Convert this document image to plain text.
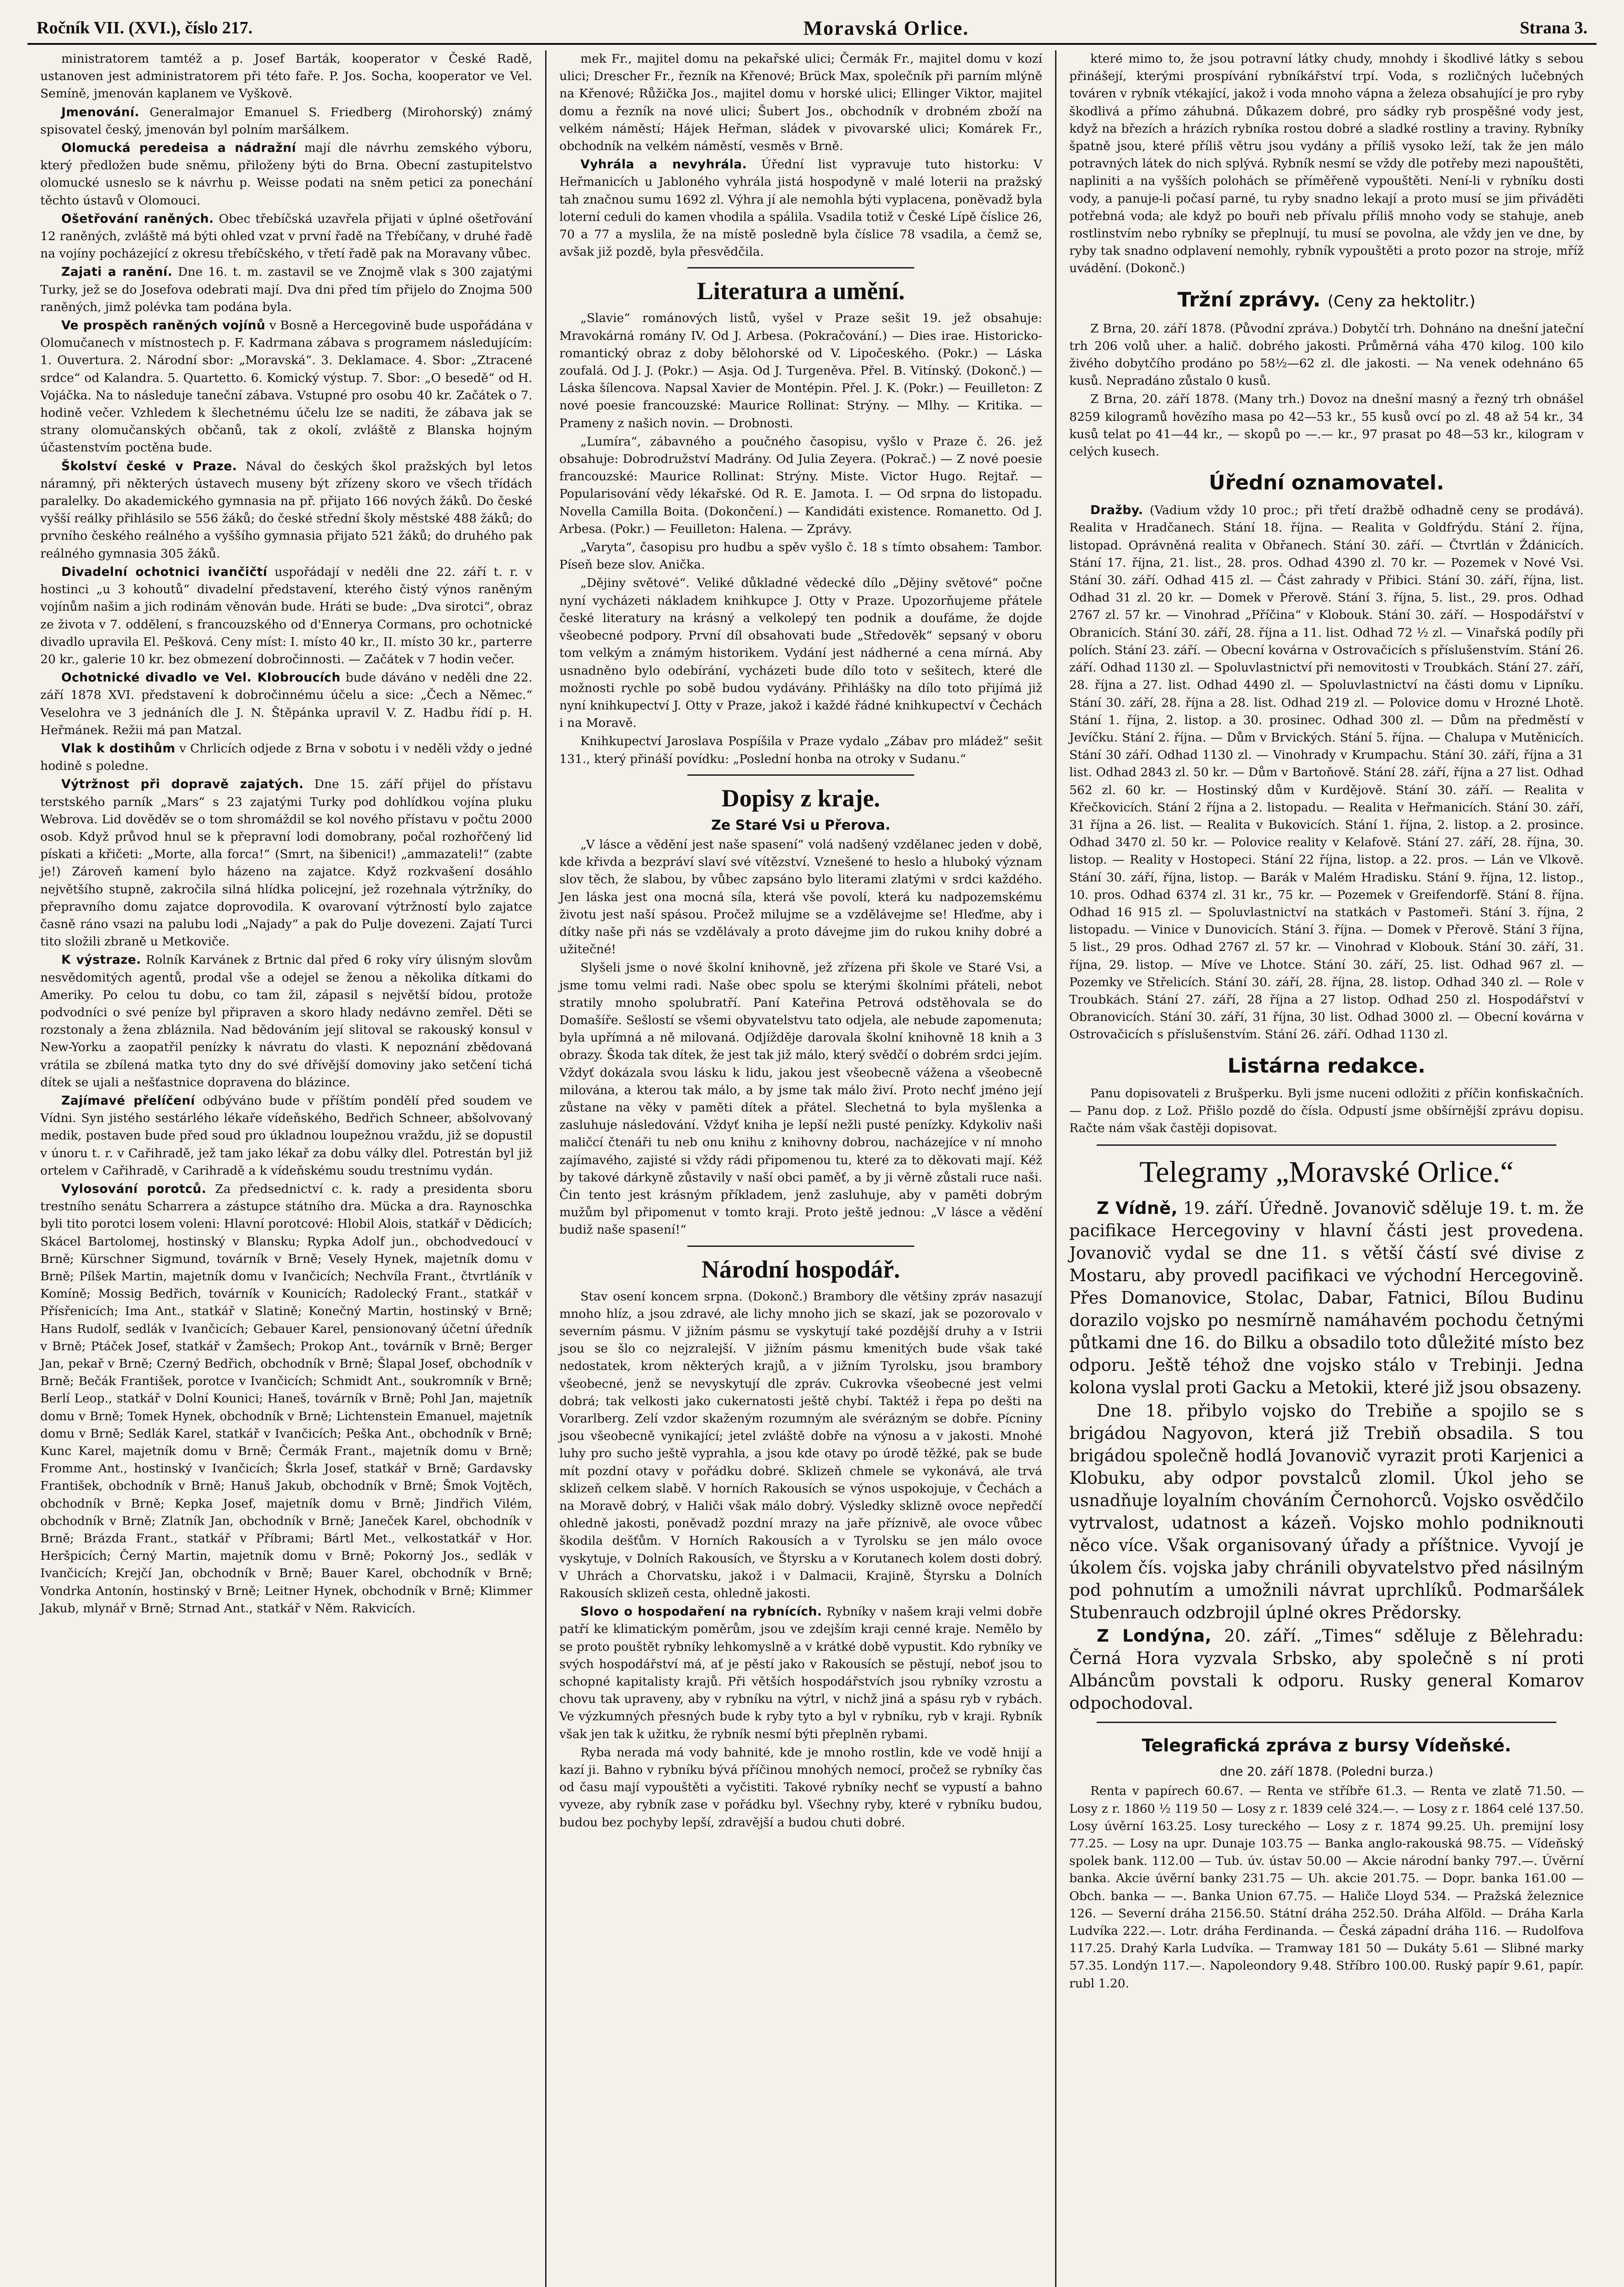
Ročník VII. (XVI.), číslo 217.	Moravská Orlice.	Strana 3.

ministratorem tamtéž a p. Josef Barták, kooperator v České Radě, ustanoven jest administratorem při této faře. P. Jos. Socha, kooperator ve Vel. Semíně, jmenován kaplanem ve Vyškově.

Jmenování. Generalmajor Emanuel S. Friedberg (Mirohorský) známý spisovatel český, jmenován byl polním maršálkem.

Olomucká peredeisa a nádražní mají dle návrhu zemského výboru, který předložen bude sněmu, přiloženy býti do Brna. Obecní zastupitelstvo olomucké usneslo se k návrhu p. Weisse podati na sněm petici za ponechání těchto ústavů v Olomouci.

Ošetřování raněných. Obec třebíčská uzavřela přijati v úplné ošetřování 12 raněných, zvláště má býti ohled vzat v první řadě na Třebíčany, v druhé řadě na vojíny pocházející z okresu třebíčského, v třetí řadě pak na Moravany vůbec.

Zajati a ranění. Dne 16. t. m. zastavil se ve Znojmě vlak s 300 zajatými Turky, jež se do Josefova odebrati mají. Dva dni před tím přijelo do Znojma 500 raněných, jimž polévka tam podána byla.

Ve prospěch raněných vojínů v Bosně a Hercegovině bude uspořádána v Olomučanech v místnostech p. F. Kadrmana zábava s programem následujícím: 1. Ouvertura. 2. Národní sbor: „Moravská“. 3. Deklamace. 4. Sbor: „Ztracené srdce“ od Kalandra. 5. Quartetto. 6. Komický výstup. 7. Sbor: „O besedě“ od H. Vojáčka. Na to následuje taneční zábava. Vstupné pro osobu 40 kr. Začátek o 7. hodině večer. Vzhledem k šlechetnému účelu lze se naditi, že zábava jak se strany olomučanských občanů, tak z okolí, zvláště z Blanska hojným účastenstvím poctěna bude.

Školství české v Praze. Nával do českých škol pražských byl letos náramný, při některých ústavech museny být zřízeny skoro ve všech třídách paralelky. Do akademického gymnasia na př. přijato 166 nových žáků. Do české vyšší reálky přihlásilo se 556 žáků; do české střední školy městské 488 žáků; do prvního českého reálného a vyššího gymnasia přijato 521 žáků; do druhého pak reálného gymnasia 305 žáků.

Divadelní ochotnici ivančičtí uspořádají v neděli dne 22. září t. r. v hostinci „u 3 kohoutů“ divadelní představení, kterého čistý výnos raněným vojínům našim a jich rodinám věnován bude. Hráti se bude: „Dva sirotci“, obraz ze života v 7. oddělení, s francouzského od d'Ennerya Cormans, pro ochotnické divadlo upravila El. Pešková. Ceny míst: I. místo 40 kr., II. místo 30 kr., parterre 20 kr., galerie 10 kr. bez obmezení dobročinnosti. — Začátek v 7 hodin večer.

Ochotnické divadlo ve Vel. Klobroucích bude dáváno v neděli dne 22. září 1878 XVI. představení k dobročinnému účelu a sice: „Čech a Němec.“ Veselohra ve 3 jednáních dle J. N. Štěpánka upravil V. Z. Hadbu řídí p. H. Heřmánek. Režii má pan Matzal.

Vlak k dostihům v Chrlicích odjede z Brna v sobotu i v neděli vždy o jedné hodině s poledne.

Výtržnost při dopravě zajatých. Dne 15. září přijel do přístavu terstského parník „Mars“ s 23 zajatými Turky pod dohlídkou vojína pluku Webrova. Lid dověděv se o tom shromáždil se kol nového přístavu v počtu 2000 osob. Když průvod hnul se k přepravní lodi domobrany, počal rozhořčený lid pískati a křičeti: „Morte, alla forca!“ (Smrt, na šibenici!) „ammazateli!“ (zabte je!) Zároveň kamení bylo házeno na zajatce. Když rozkvašení dosáhlo největšího stupně, zakročila silná hlídka policejní, jež rozehnala výtržníky, do přepravního domu zajatce doprovodila. K ovarovaní výtržností bylo zajatce časně ráno vsazi na palubu lodi „Najady“ a pak do Pulje dovezeni. Zajatí Turci tito složili zbraně u Metkoviče.

K výstraze. Rolník Karvánek z Brtnic dal před 6 roky víry úlisným slovům nesvědomitých agentů, prodal vše a odejel se ženou a několika dítkami do Ameriky. Po celou tu dobu, co tam žil, zápasil s největší bídou, protože podvodníci o své peníze byl připraven a skoro hlady nedávno zemřel. Děti se rozstonaly a žena zbláznila. Nad bědováním její slitoval se rakouský konsul v New-Yorku a zaopatřil penízky k návratu do vlasti. K nepoznání zbědovaná vrátila se zbílená matka tyto dny do své dřívější domoviny jako setčení tichá dítek se ujali a nešťastnice dopravena do blázince.

Zajímavé přelíčení odbýváno bude v příštím pondělí před soudem ve Vídni. Syn jistého sestárlého lékaře vídeňského, Bedřich Schneer, abšolvovaný medik, postaven bude před soud pro úkladnou loupežnou vraždu, již se dopustil v únoru t. r. v Cařihradě, jež tam jako lékař za dobu války dlel. Potrestán byl již ortelem v Cařihradě, v Carihradě a k vídeňskému soudu trestnímu vydán.

Vylosování porotců. Za předsednictví c. k. rady a presidenta sboru trestního senátu Scharrera a zástupce státního dra. Mücka a dra. Raynoschka byli tito porotci losem voleni: Hlavní porotcové: Hlobil Alois, statkář v Dědicích; Skácel Bartolomej, hostinský v Blansku; Rypka Adolf jun., obchodvedoucí v Brně; Kürschner Sigmund, továrník v Brně; Vesely Hynek, majetník domu v Brně; Pílšek Martin, majetník domu v Ivančicích; Nechvíla Frant., čtvrtláník v Komíně; Mossig Bedřich, továrník v Kounicích; Radolecký Frant., statkář v Přísřenicích; Ima Ant., statkář v Slatině; Konečný Martin, hostinský v Brně; Hans Rudolf, sedlák v Ivančicích; Gebauer Karel, pensionovaný účetní úředník v Brně; Ptáček Josef, statkář v Žamšech; Prokop Ant., továrník v Brně; Berger Jan, pekař v Brně; Czerný Bedřich, obchodník v Brně; Šlapal Josef, obchodník v Brně; Bečák František, porotce v Ivančicích; Schmidt Ant., soukromník v Brně; Berlí Leop., statkář v Dolní Kounici; Haneš, továrník v Brně; Pohl Jan, majetník domu v Brně; Tomek Hynek, obchodník v Brně; Lichtenstein Emanuel, majetník domu v Brně; Sedlák Karel, statkář v Ivančicích; Peška Ant., obchodník v Brně; Kunc Karel, majetník domu v Brně; Čermák Frant., majetník domu v Brně; Fromme Ant., hostinský v Ivančicích; Škrla Josef, statkář v Brně; Gardavsky František, obchodník v Brně; Hanuš Jakub, obchodník v Brně; Šmok Vojtěch, obchodník v Brně; Kepka Josef, majetník domu v Brně; Jindřich Vilém, obchodník v Brně; Zlatník Jan, obchodník v Brně; Janeček Karel, obchodník v Brně; Brázda Frant., statkář v Příbrami; Bártl Met., velkostatkář v Hor. Heršpicích; Černý Martin, majetník domu v Brně; Pokorný Jos., sedlák v Ivančicích; Krejčí Jan, obchodník v Brně; Bauer Karel, obchodník v Brně; Vondrka Antonín, hostinský v Brně; Leitner Hynek, obchodník v Brně; Klimmer Jakub, mlynář v Brně; Strnad Ant., statkář v Něm. Rakvicích.

mek Fr., majitel domu na pekařské ulici; Čermák Fr., majitel domu v kozí ulici; Drescher Fr., řezník na Křenové; Brück Max, společník při parním mlýně na Křenové; Růžička Jos., majitel domu v horské ulici; Ellinger Viktor, majitel domu a řezník na nové ulici; Šubert Jos., obchodník v drobném zboží na velkém náměstí; Hájek Heřman, sládek v pivovarské ulici; Komárek Fr., obchodník na velkém náměstí, vesměs v Brně.

Vyhrála a nevyhrála. Úřední list vypravuje tuto historku: V Heřmanicích u Jabloného vyhrála jistá hospodyně v malé loterii na pražský tah značnou sumu 1692 zl. Výhra jí ale nemohla býti vyplacena, poněvadž byla loterní ceduli do kamen vhodila a spálila. Vsadila totiž v České Lípě číslice 26, 70 a 77 a myslila, že na místě posledně byla číslice 78 vsadila, a čemž se, avšak již pozdě, byla přesvědčila.

Literatura a umění.

„Slavie“ románových listů, vyšel v Praze sešit 19. jež obsahuje: Mravokárná romány IV. Od J. Arbesa. (Pokračování.) — Dies irae. Historicko-romantický obraz z doby bělohorské od V. Lipočeského. (Pokr.) — Láska zoufalá. Od J. J. (Pokr.) — Asja. Od J. Turgeněva. Přel. B. Vitínský. (Dokonč.) — Láska šílencova. Napsal Xavier de Montépin. Přel. J. K. (Pokr.) — Feuilleton: Z nové poesie francouzské: Maurice Rollinat: Strýny. — Mlhy. — Kritika. — Prameny z našich novin. — Drobnosti.

„Lumíra“, zábavného a poučného časopisu, vyšlo v Praze č. 26. jež obsahuje: Dobrodružství Madrány. Od Julia Zeyera. (Pokrač.) — Z nové poesie francouzské: Maurice Rollinat: Strýny. Miste. Victor Hugo. Rejtař. — Popularisování vědy lékařské. Od R. E. Jamota. I. — Od srpna do listopadu. Novella Camilla Boita. (Dokončení.) — Kandidáti existence. Romanetto. Od J. Arbesa. (Pokr.) — Feuilleton: Halena. — Zprávy.

„Varyta“, časopisu pro hudbu a spěv vyšlo č. 18 s tímto obsahem: Tambor. Píseň beze slov. Anička.

„Dějiny světové“. Veliké důkladné vědecké dílo „Dějiny světové“ počne nyní vycházeti nákladem knihkupce J. Otty v Praze. Upozorňujeme přátele české literatury na krásný a velkolepý ten podnik a doufáme, že dojde všeobecné podpory. První díl obsahovati bude „Středověk“ sepsaný v oboru tom velkým a známým historikem. Vydání jest nádherné a cena mírná. Aby usnadněno bylo odebírání, vycházeti bude dílo toto v sešitech, které dle možnosti rychle po sobě budou vydávány. Přihlášky na dílo toto přijímá již nyní knihkupectví J. Otty v Praze, jakož i každé řádné knihkupectví v Čechách i na Moravě.

Knihkupectví Jaroslava Pospíšila v Praze vydalo „Zábav pro mládež“ sešit 131., který přináší povídku: „Poslední honba na otroky v Sudanu.“

Dopisy z kraje.
Ze Staré Vsi u Přerova.

„V lásce a vědění jest naše spasení“ volá nadšený vzdělanec jeden v době, kde křivda a bezpráví slaví své vítězství. Vznešené to heslo a hluboký význam slov těch, že slabou, by vůbec zapsáno bylo literami zlatými v srdci každého. Jen láska jest ona mocná síla, která vše povolí, která ku nadpozemskému životu jest naší spásou. Pročež milujme se a vzdělávejme se! Hleďme, aby i dítky naše při nás se vzdělávaly a proto dávejme jim do rukou knihy dobré a užitečné!

Slyšeli jsme o nové školní knihovně, jež zřízena při škole ve Staré Vsi, a jsme tomu velmi radi. Naše obec spolu se kterými školními přáteli, nebot stratily mnoho spolubratří. Paní Kateřina Petrová odstěhovala se do Domašíře. Sešlostí se všemi obyvatelstvu tato odjela, ale nebude zapomenuta; byla upřímná a ně milovaná. Odjížděje darovala školní knihovně 18 knih a 3 obrazy. Škoda tak dítek, že jest tak již málo, který svědčí o dobrém srdci jejím. Vždyť dokázala svou lásku k lidu, jakou jest všeobecně vážena a všeobecně milována, a kterou tak málo, a by jsme tak málo živí. Proto nechť jméno její zůstane na věky v paměti dítek a přátel. Slechetná to byla myšlenka a zasluhuje následování. Vždyť kniha je lepší nežli pusté penízky. Kdykoliv naši maličcí čtenáři tu neb onu knihu z knihovny dobrou, nacházejíce v ní mnoho zajímavého, zajisté si vždy rádi připomenou tu, které za to děkovati mají. Kéž by takové dárkyně zůstavily v naší obci paměť, a by ji věrně zůstali ruce naši. Čin tento jest krásným příkladem, jenž zasluhuje, aby v paměti dobrým mužům byl připomenut v tomto kraji. Proto ještě jednou: „V lásce a vědění budiž naše spasení!“

Národní hospodář.

Stav osení koncem srpna. (Dokonč.) Brambory dle většiny zpráv nasazují mnoho hlíz, a jsou zdravé, ale lichy mnoho jich se skazí, jak se pozorovalo v severním pásmu. V jižním pásmu se vyskytují také pozdější druhy a v Istrii jsou se šlo co nejzralejší. V jižním pásmu kmenitých bude však také nedostatek, krom některých krajů, a v jižním Tyrolsku, jsou brambory všeobecné, jenž se nevyskytují dle zpráv. Cukrovka všeobecné jest velmi dobrá; tak velkosti jako cukernatosti ještě chybí. Taktéž i řepa po dešti na Vorarlberg. Zelí vzdor skaženým rozumným ale svérázným se dobře. Pícniny jsou všeobecně vynikající; jetel zvláště dobře na výnosu a v jakosti. Mnohé luhy pro sucho ještě vyprahla, a jsou kde otavy po úrodě těžké, pak se bude mít pozdní otavy v pořádku dobré. Sklizeň chmele se vykonává, ale trvá sklizeň celkem slabě. V horních Rakousích se výnos uspokojuje, v Čechách a na Moravě dobrý, v Haliči však málo dobrý. Výsledky sklizně ovoce nepředčí ohledně jakosti, poněvadž pozdní mrazy na jaře příznivě, ale ovoce vůbec škodila dešťům. V Horních Rakousích a v Tyrolsku se jen málo ovoce vyskytuje, v Dolních Rakousích, ve Štyrsku a v Korutanech kolem dosti dobrý. V Uhrách a Chorvatsku, jakož i v Dalmacii, Krajině, Štyrsku a Dolních Rakousích sklizeň cesta, ohledně jakosti.

Slovo o hospodaření na rybnících. Rybníky v našem kraji velmi dobře patří ke klimatickým poměrům, jsou ve zdejším kraji cenné kraje. Nemělo by se proto pouštět rybníky lehkomyslně a v krátké době vypustit. Kdo rybníky ve svých hospodářství má, ať je pěstí jako v Rakousích se pěstují, neboť jsou to schopné kapitalisty krajů. Při větších hospodářstvích jsou rybníky vzrostu a chovu tak upraveny, aby v rybníku na výtrl, v nichž jiná a spásu ryb v rybách. Ve výzkumných přesných bude k ryby tyto a byl v rybníku, ryb v kraji. Rybník však jen tak k užitku, že rybník nesmí býti přeplněn rybami.

Ryba nerada má vody bahnité, kde je mnoho rostlin, kde ve vodě hnijí a kazí ji. Bahno v rybníku bývá příčinou mnohých nemocí, pročež se rybníky čas od času mají vypouštěti a vyčistiti. Takové rybníky nechť se vypustí a bahno vyveze, aby rybník zase v pořádku byl. Všechny ryby, které v rybníku budou, budou bez pochyby lepší, zdravější a budou chuti dobré.

které mimo to, že jsou potravní látky chudy, mnohdy i škodlivé látky s sebou přinášejí, kterými prospívání rybníkářství trpí. Voda, s rozličných lučebných továren v rybník vtékající, jakož i voda mnoho vápna a železa obsahující je pro ryby škodlivá a přímo záhubná. Důkazem dobré, pro sádky ryb prospěšné vody jest, když na březích a hrázích rybníka rostou dobré a sladké rostliny a traviny. Rybníky špatně jsou, které příliš větru jsou vydány a příliš vysoko leží, tak že jen málo potravných látek do nich splývá. Rybník nesmí se vždy dle potřeby mezi napouštěti, napliniti a na vyšších polohách se příměřeně vypouštěti. Není-li v rybníku dosti vody, a panuje-li počasí parné, tu ryby snadno lekají a proto musí se jim přiváděti potřebná voda; ale když po bouři neb přívalu příliš mnoho vody se stahuje, aneb rostlinstvím nebo rybníky se přeplnují, tu musí se povolna, ale vždy jen ve dne, by ryby tak snadno odplavení nemohly, rybník vypouštěti a proto pozor na stroje, mříž uvádění. (Dokonč.)

Tržní zprávy. (Ceny za hektolitr.)

Z Brna, 20. září 1878. (Původní zpráva.) Dobytčí trh. Dohnáno na dnešní jateční trh 206 volů uher. a halič. dobrého jakosti. Průměrná váha 470 kilog. 100 kilo živého dobytčího prodáno po 58½—62 zl. dle jakosti. — Na venek odehnáno 65 kusů. Nepradáno zůstalo 0 kusů.

Z Brna, 20. září 1878. (Many trh.) Dovoz na dnešní masný a řezný trh obnášel 8259 kilogramů hovězího masa po 42—53 kr., 55 kusů ovcí po zl. 48 až 54 kr., 34 kusů telat po 41—44 kr., — skopů po —.— kr., 97 prasat po 48—53 kr., kilogram v celých kusech.

Úřední oznamovatel.

Dražby. (Vadium vždy 10 proc.; při třetí dražbě odhadně ceny se prodává). Realita v Hradčanech. Stání 18. října. — Realita v Goldfrýdu. Stání 2. října, listopad. Oprávněná realita v Obřanech. Stání 30. září. — Čtvrtlán v Ždánicích. Stání 17. října, 21. list., 28. pros. Odhad 4390 zl. 70 kr. — Pozemek v Nové Vsi. Stání 30. září. Odhad 415 zl. — Část zahrady v Přibici. Stání 30. září, října, list. Odhad 31 zl. 20 kr. — Domek v Přerově. Stání 3. října, 5. list., 29. pros. Odhad 2767 zl. 57 kr. — Vinohrad „Příčina“ v Klobouk. Stání 30. září. — Hospodářství v Obranicích. Stání 30. září, 28. října a 11. list. Odhad 72 ½ zl. — Vinařská podíly při polích. Stání 23. září. — Obecní kovárna v Ostrovačicích s příslušenstvím. Stání 26. září. Odhad 1130 zl. — Spoluvlastnictví při nemovitosti v Troubkách. Stání 27. září, 28. října a 27. list. Odhad 4490 zl. — Spoluvlastnictví na části domu v Lipníku. Stání 30. září, 28. října a 28. list. Odhad 219 zl. — Polovice domu v Hrozné Lhotě. Stání 1. října, 2. listop. a 30. prosinec. Odhad 300 zl. — Dům na předměstí v Jevíčku. Stání 2. října. — Dům v Brvických. Stání 5. října. — Chalupa v Mutěnicích. Stání 30 září. Odhad 1130 zl. — Vinohrady v Krumpachu. Stání 30. září, října a 31 list. Odhad 2843 zl. 50 kr. — Dům v Bartoňově. Stání 28. září, října a 27 list. Odhad 562 zl. 60 kr. — Hostinský dům v Kurdějově. Stání 30. září. — Realita v Křečkovicích. Stání 2 října a 2. listopadu. — Realita v Heřmanicích. Stání 30. září, 31 října a 26. list. — Realita v Bukovicích. Stání 1. října, 2. listop. a 2. prosince. Odhad 3470 zl. 50 kr. — Polovice reality v Kelafově. Stání 27. září, 28. října, 30. listop. — Reality v Hostopeci. Stání 22 října, listop. a 22. pros. — Lán ve Vlkově. Stání 30. září, října, listop. — Barák v Malém Hradisku. Stání 9. října, 12. listop., 10. pros. Odhad 6374 zl. 31 kr., 75 kr. — Pozemek v Greifendorfě. Stání 8. října. Odhad 16 915 zl. — Spoluvlastnictví na statkách v Pastomeři. Stání 3. října, 2 listopadu. — Vinice v Dunovicích. Stání 3. října. — Domek v Přerově. Stání 3 října, 5 list., 29 pros. Odhad 2767 zl. 57 kr. — Vinohrad v Klobouk. Stání 30. září, 31. října, 29. listop. — Míve ve Lhotce. Stání 30. září, 25. list. Odhad 967 zl. — Pozemky ve Střelicích. Stání 30. září, 28. října, 28. listop. Odhad 340 zl. — Role v Troubkách. Stání 27. září, 28 října a 27 listop. Odhad 250 zl. Hospodářství v Obranovicích. Stání 30. září, 31 října, 30 list. Odhad 3000 zl. — Obecní kovárna v Ostrovačicích s příslušenstvím. Stání 26. září. Odhad 1130 zl.

Listárna redakce.

Panu dopisovateli z Brušperku. Byli jsme nuceni odložiti z příčin konfiskačních. — Panu dop. z Lož. Přišlo pozdě do čísla. Odpustí jsme obšírnější zprávu dopisu. Račte nám však častěji dopisovat.

Telegramy „Moravské Orlice.“

Z Vídně, 19. září. Úředně. Jovanovič sděluje 19. t. m. že pacifikace Hercegoviny v hlavní části jest provedena. Jovanovič vydal se dne 11. s větší částí své divise z Mostaru, aby provedl pacifikaci ve východní Hercegovině. Přes Domanovice, Stolac, Dabar, Fatnici, Bílou Budinu dorazilo vojsko po nesmírně namáhavém pochodu četnými půtkami dne 16. do Bilku a obsadilo toto důležité místo bez odporu. Ještě téhož dne vojsko stálo v Trebinji. Jedna kolona vyslal proti Gacku a Metokii, které již jsou obsazeny.

Dne 18. přibylo vojsko do Trebiňe a spojilo se s brigádou Nagyovon, která již Trebiň obsadila. S tou brigádou společně hodlá Jovanovič vyrazit proti Karjenici a Klobuku, aby odpor povstalců zlomil. Úkol jeho se usnadňuje loyalním chováním Černohorců. Vojsko osvědčilo vytrvalost, udatnost a kázeň. Vojsko mohlo podniknouti něco více. Však organisovaný úřady a příštnice. Vyvojí je úkolem čís. vojska jaby chránili obyvatelstvo před násilným pod pohnutím a umožnili návrat uprchlíků. Podmaršálek Stubenrauch odzbrojil úplné okres Prědorsky.

Z Londýna, 20. září. „Times“ sděluje z Bělehradu: Černá Hora vyzvala Srbsko, aby společně s ní proti Albáncům povstali k odporu. Rusky general Komarov odpochodoval.

Telegrafická zpráva z bursy Vídeňské.
dne 20. září 1878. (Poledni burza.)

Renta v papírech 60.67. — Renta ve stříbře 61.3. — Renta ve zlatě 71.50. — Losy z r. 1860 ½ 119 50 — Losy z r. 1839 celé 324.—. — Losy z r. 1864 celé 137.50. Losy úvěrní 163.25. Losy tureckého — Losy z r. 1874 99.25. Uh. premijní losy 77.25. — Losy na upr. Dunaje 103.75 — Banka anglo-rakouská 98.75. — Vídeňský spolek bank. 112.00 — Tub. úv. ústav 50.00 — Akcie národní banky 797.—. Úvěrní banka. Akcie úvěrní banky 231.75 — Uh. akcie 201.75. — Dopr. banka 161.00 — Obch. banka — —. Banka Union 67.75. — Haliče Lloyd 534. — Pražská železnice 126. — Severní dráha 2156.50. Státní dráha 252.50. Dráha Alföld. — Dráha Karla Ludvíka 222.—. Lotr. dráha Ferdinanda. — Česká západní dráha 116. — Rudolfova 117.25. Drahý Karla Ludvíka. — Tramway 181 50 — Dukáty 5.61 — Slibné marky 57.35. Londýn 117.—. Napoleondory 9.48. Stříbro 100.00. Ruský papír 9.61, papír. rubl 1.20.
